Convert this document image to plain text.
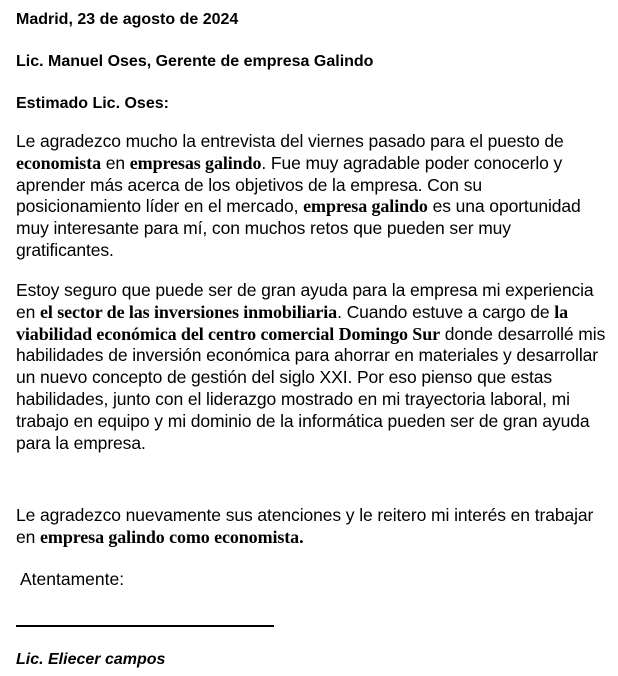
Madrid, 23 de agosto de 2024
Lic. Manuel Oses, Gerente de empresa Galindo
Estimado Lic. Oses:
Le agradezco mucho la entrevista del viernes pasado para el puesto de economista en empresas galindo. Fue muy agradable poder conocerlo y aprender más acerca de los objetivos de la empresa. Con su posicionamiento líder en el mercado, empresa galindo es una oportunidad muy interesante para mí, con muchos retos que pueden ser muy gratificantes.
Estoy seguro que puede ser de gran ayuda para la empresa mi experiencia en el sector de las inversiones inmobiliaria. Cuando estuve a cargo de la viabilidad económica del centro comercial Domingo Sur donde desarrollé mis habilidades de inversión económica para ahorrar en materiales y desarrollar un nuevo concepto de gestión del siglo XXI. Por eso pienso que estas habilidades, junto con el liderazgo mostrado en mi trayectoria laboral, mi trabajo en equipo y mi dominio de la informática pueden ser de gran ayuda para la empresa.
Le agradezco nuevamente sus atenciones y le reitero mi interés en trabajar en empresa galindo como economista.
Atentamente:
Lic. Eliecer campos
